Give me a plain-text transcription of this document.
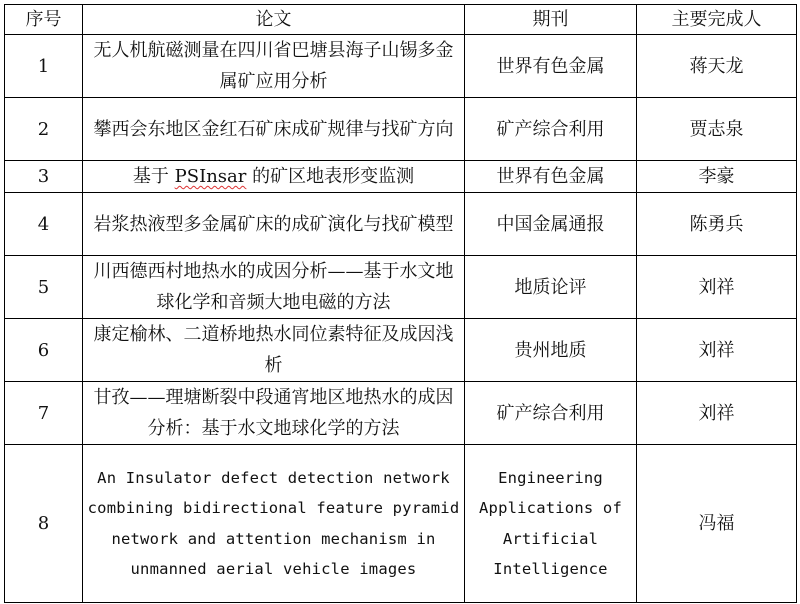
序号	论文	期刊	主要完成人
1	无人机航磁测量在四川省巴塘县海子山锡多金属矿应用分析	世界有色金属	蒋天龙
2	攀西会东地区金红石矿床成矿规律与找矿方向	矿产综合利用	贾志泉
3	基于 PSInsar 的矿区地表形变监测	世界有色金属	李豪
4	岩浆热液型多金属矿床的成矿演化与找矿模型	中国金属通报	陈勇兵
5	川西德西村地热水的成因分析——基于水文地球化学和音频大地电磁的方法	地质论评	刘祥
6	康定榆林、二道桥地热水同位素特征及成因浅析	贵州地质	刘祥
7	甘孜——理塘断裂中段通宵地区地热水的成因分析：基于水文地球化学的方法	矿产综合利用	刘祥
8	An Insulator defect detection network combining bidirectional feature pyramid network and attention mechanism in unmanned aerial vehicle images	Engineering Applications of Artificial Intelligence	冯福
